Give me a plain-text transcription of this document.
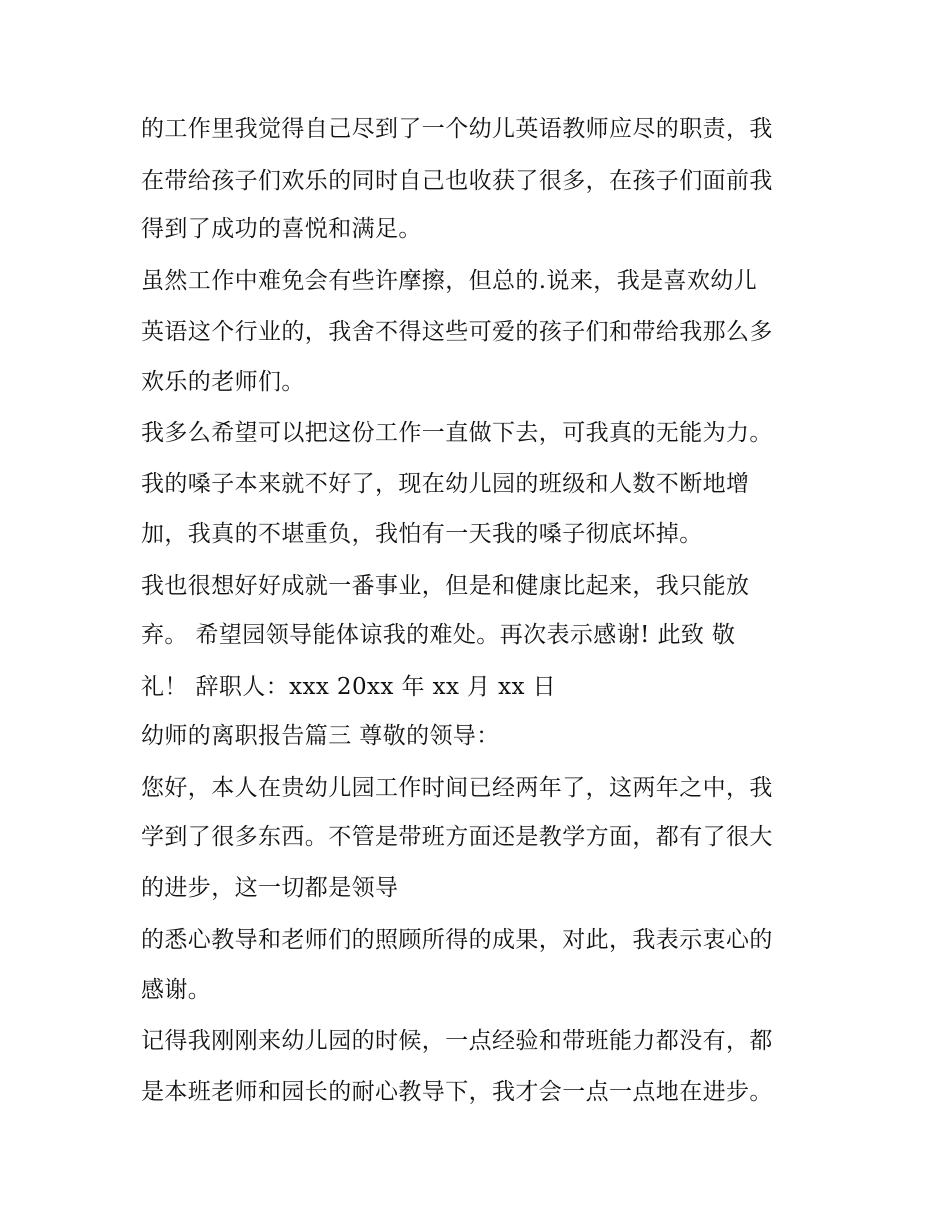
的工作里我觉得自己尽到了一个幼儿英语教师应尽的职责，我
在带给孩子们欢乐的同时自己也收获了很多，在孩子们面前我
得到了成功的喜悦和满足。
虽然工作中难免会有些许摩擦，但总的.说来，我是喜欢幼儿
英语这个行业的，我舍不得这些可爱的孩子们和带给我那么多
欢乐的老师们。
我多么希望可以把这份工作一直做下去，可我真的无能为力。
我的嗓子本来就不好了，现在幼儿园的班级和人数不断地增
加，我真的不堪重负，我怕有一天我的嗓子彻底坏掉。
我也很想好好成就一番事业，但是和健康比起来，我只能放
弃。 希望园领导能体谅我的难处。再次表示感谢! 此致 敬
礼！ 辞职人：xxx 20xx 年 xx 月 xx 日
幼师的离职报告篇三 尊敬的领导：
您好，本人在贵幼儿园工作时间已经两年了，这两年之中，我
学到了很多东西。不管是带班方面还是教学方面，都有了很大
的进步，这一切都是领导
的悉心教导和老师们的照顾所得的成果，对此，我表示衷心的
感谢。
记得我刚刚来幼儿园的时候，一点经验和带班能力都没有，都
是本班老师和园长的耐心教导下，我才会一点一点地在进步。
